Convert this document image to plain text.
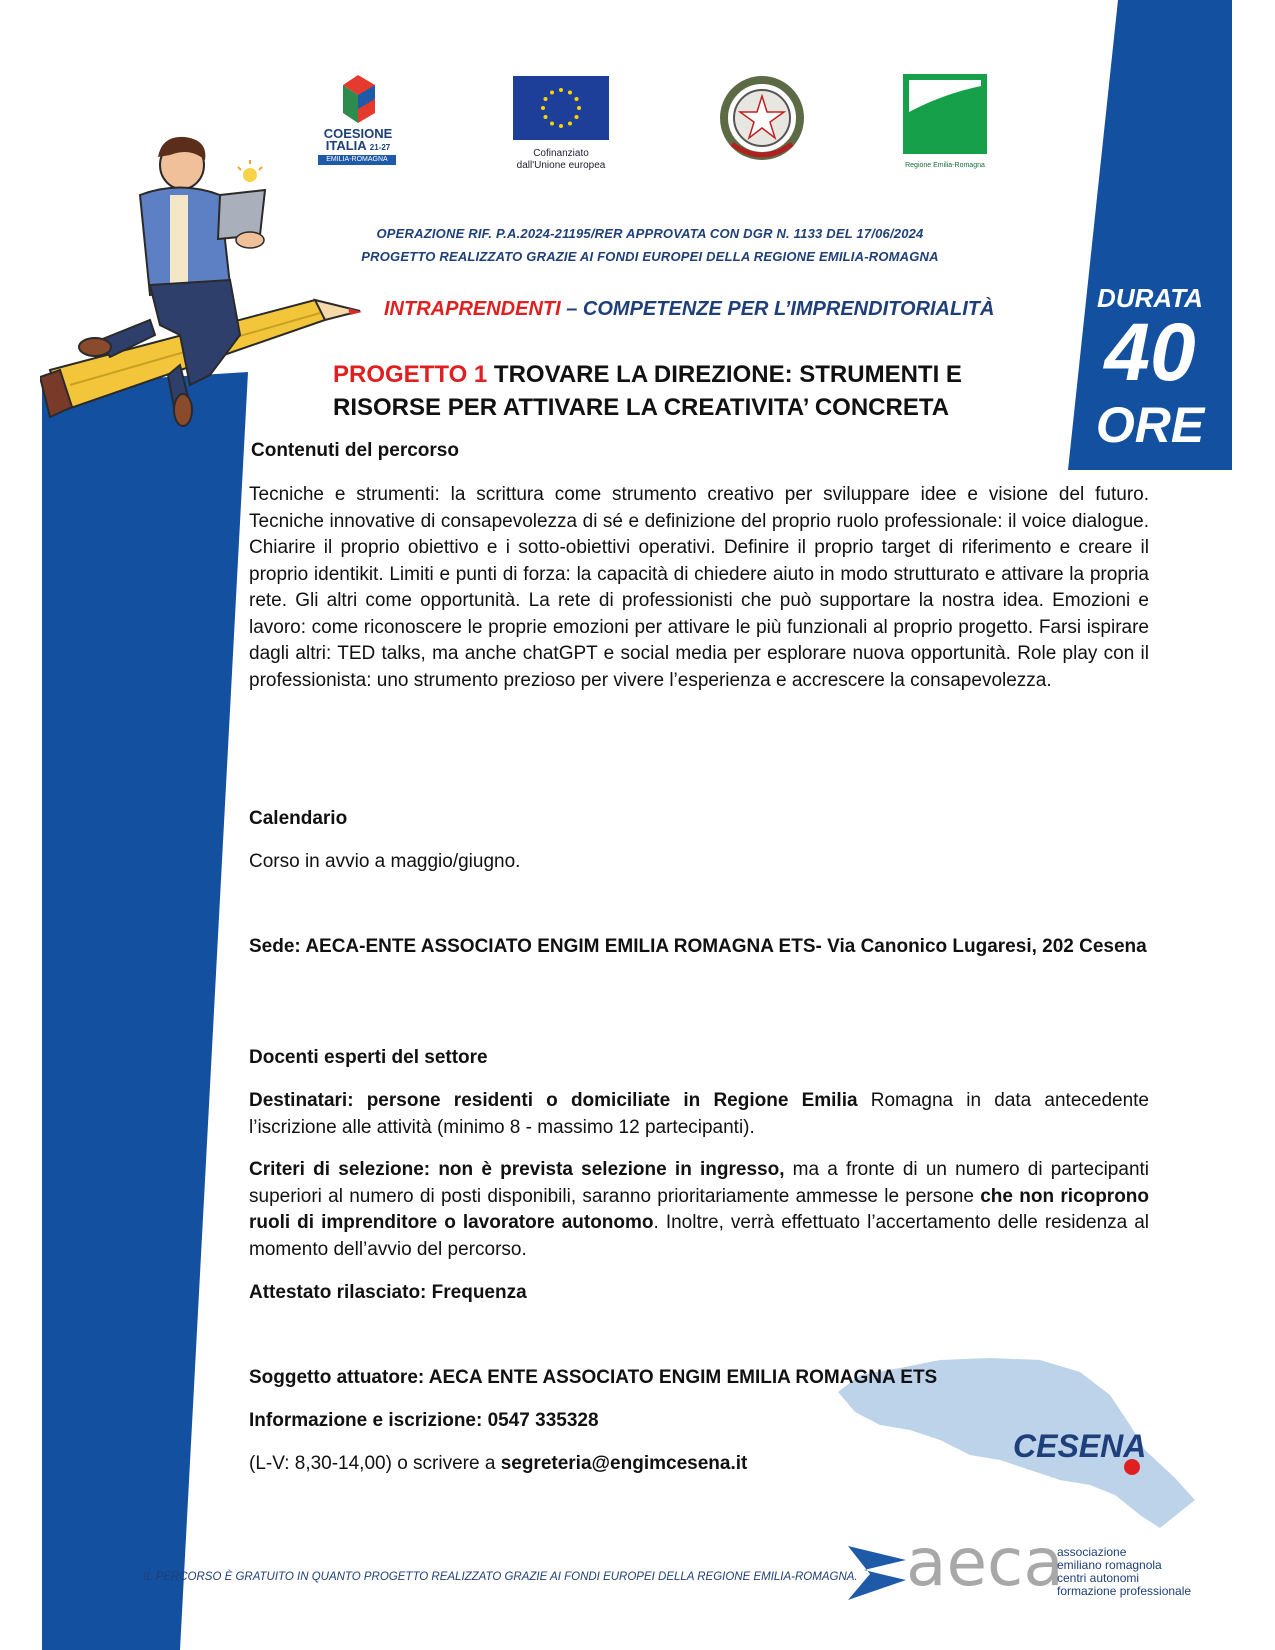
COESIONE
ITALIA 21-27
EMILIA-ROMAGNA
Cofinanziato
dall'Unione europea	Regione Emilia-Romagna
OPERAZIONE RIF. P.A.2024-21195/RER APPROVATA CON DGR N. 1133 DEL 17/06/2024
PROGETTO REALIZZATO GRAZIE AI FONDI EUROPEI DELLA REGIONE EMILIA-ROMAGNA
INTRAPRENDENTI – COMPETENZE PER L’IMPRENDITORIALITÀ	DURATA
40
ORE
PROGETTO 1 TROVARE LA DIREZIONE: STRUMENTI E
RISORSE PER ATTIVARE LA CREATIVITA’ CONCRETA
Contenuti del percorso
Tecniche e strumenti: la scrittura come strumento creativo per sviluppare idee e visione del futuro. Tecniche innovative di consapevolezza di sé e definizione del proprio ruolo professionale: il voice dialogue. Chiarire il proprio obiettivo e i sotto-obiettivi operativi. Definire il proprio target di riferimento e creare il proprio identikit. Limiti e punti di forza: la capacità di chiedere aiuto in modo strutturato e attivare la propria rete. Gli altri come opportunità. La rete di professionisti che può supportare la nostra idea. Emozioni e lavoro: come riconoscere le proprie emozioni per attivare le più funzionali al proprio progetto. Farsi ispirare dagli altri: TED talks, ma anche chatGPT e social media per esplorare nuova opportunità. Role play con il professionista: uno strumento prezioso per vivere l’esperienza e accrescere la consapevolezza.
Calendario
Corso in avvio a maggio/giugno.
Sede: AECA-ENTE ASSOCIATO ENGIM EMILIA ROMAGNA ETS- Via Canonico Lugaresi, 202 Cesena
Docenti esperti del settore
Destinatari: persone residenti o domiciliate in Regione Emilia Romagna in data antecedente l’iscrizione alle attività (minimo 8 - massimo 12 partecipanti).
Criteri di selezione: non è prevista selezione in ingresso, ma a fronte di un numero di partecipanti superiori al numero di posti disponibili, saranno prioritariamente ammesse le persone che non ricoprono ruoli di imprenditore o lavoratore autonomo. Inoltre, verrà effettuato l’accertamento delle residenza al momento dell’avvio del percorso.
Attestato rilasciato: Frequenza
Soggetto attuatore: AECA ENTE ASSOCIATO ENGIM EMILIA ROMAGNA ETS
Informazione e iscrizione: 0547 335328
(L-V: 8,30-14,00) o scrivere a segreteria@engimcesena.it	CESENA
IL PERCORSO È GRATUITO IN QUANTO PROGETTO REALIZZATO GRAZIE AI FONDI EUROPEI DELLA REGIONE EMILIA-ROMAGNA. aeca
associazione
emiliano romagnola
centri autonomi
formazione professionale
